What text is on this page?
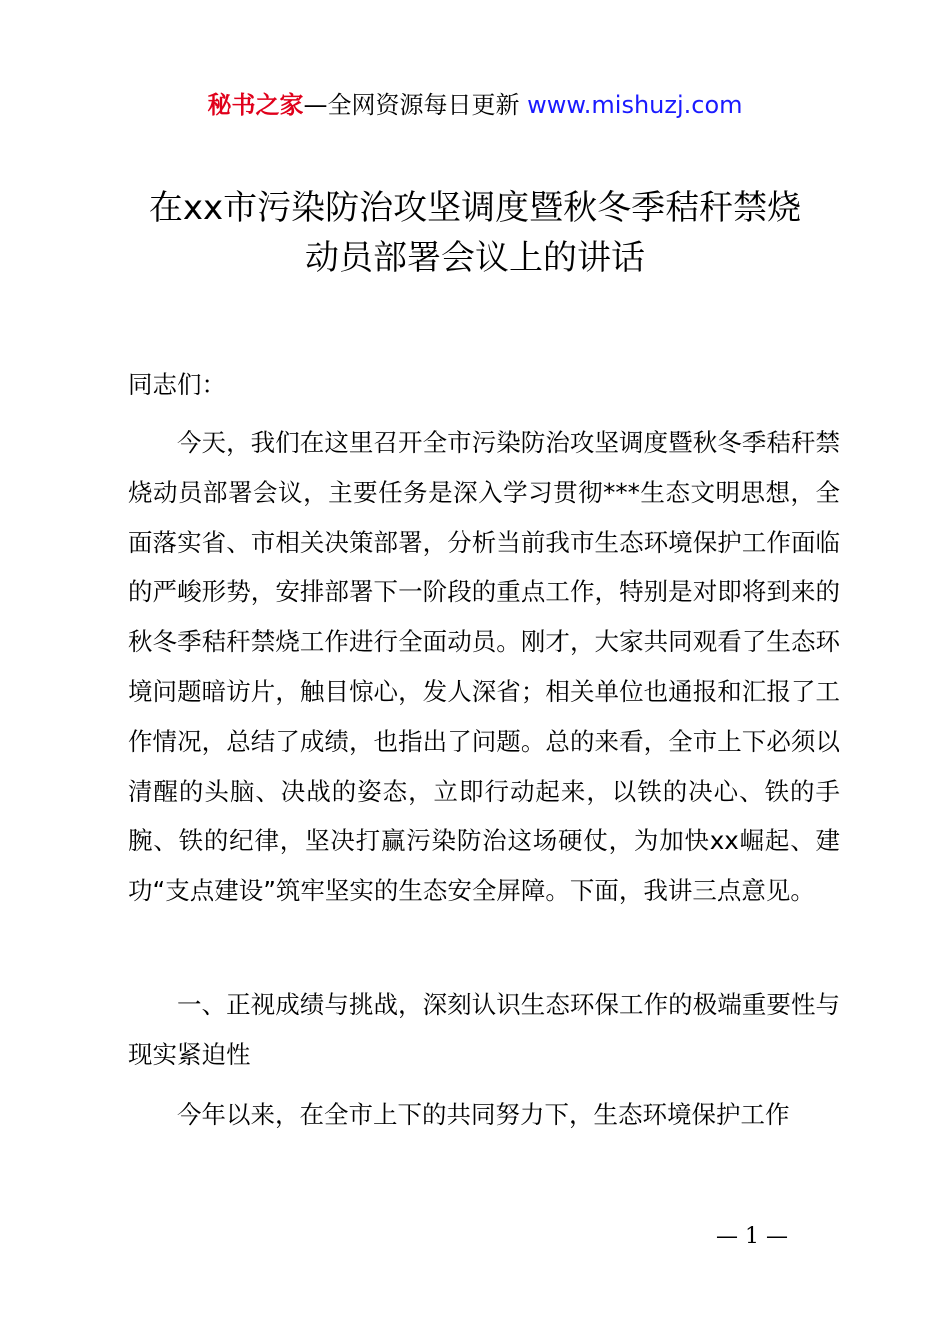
秘书之家—全网资源每日更新 www.mishuzj.com
在xx市污染防治攻坚调度暨秋冬季秸秆禁烧
动员部署会议上的讲话

同志们：

今天，我们在这里召开全市污染防治攻坚调度暨秋冬季秸秆禁烧动员部署会议，主要任务是深入学习贯彻***生态文明思想，全面落实省、市相关决策部署，分析当前我市生态环境保护工作面临的严峻形势，安排部署下一阶段的重点工作，特别是对即将到来的秋冬季秸秆禁烧工作进行全面动员。刚才，大家共同观看了生态环境问题暗访片，触目惊心，发人深省；相关单位也通报和汇报了工作情况，总结了成绩，也指出了问题。总的来看，全市上下必须以清醒的头脑、决战的姿态，立即行动起来，以铁的决心、铁的手腕、铁的纪律，坚决打赢污染防治这场硬仗，为加快xx崛起、建功“支点建设”筑牢坚实的生态安全屏障。下面，我讲三点意见。

一、正视成绩与挑战，深刻认识生态环保工作的极端重要性与现实紧迫性

今年以来，在全市上下的共同努力下，生态环境保护工作

— 1 —
